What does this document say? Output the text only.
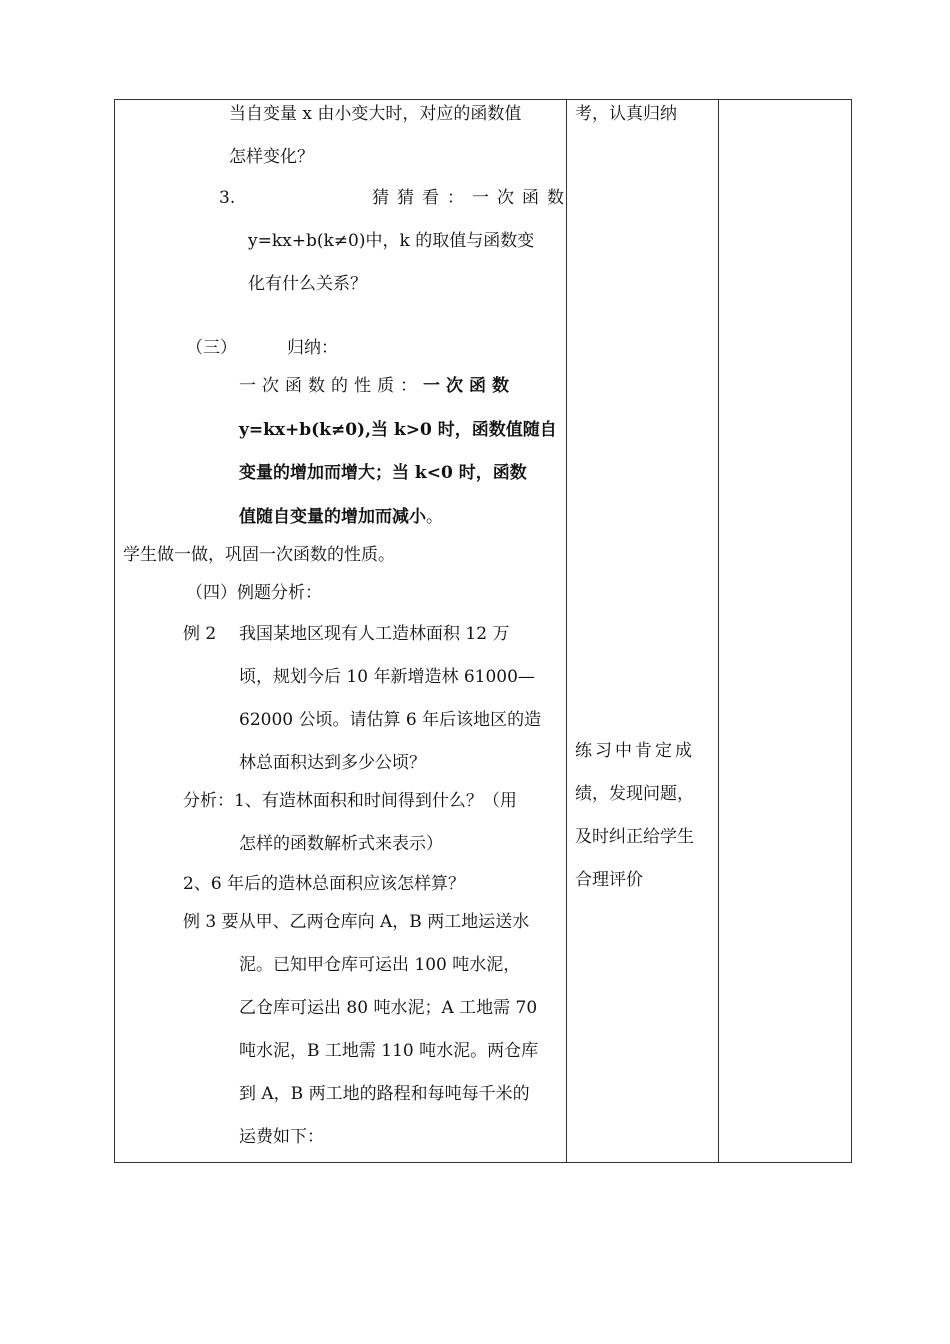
当自变量 x 由小变大时，对应的函数值
怎样变化？
3.	猜猜看：一次函数
y=kx+b(k≠0)中，k 的取值与函数变
化有什么关系？
（三）	归纳：
一次函数的性质：一次函数
y=kx+b(k≠0),当 k>0 时，函数值随自
变量的增加而增大；当 k<0 时，函数
值随自变量的增加而减小。
学生做一做，巩固一次函数的性质。
（四）例题分析：
例 2 我国某地区现有人工造林面积 12 万
顷，规划今后 10 年新增造林 61000—
62000 公顷。请估算 6 年后该地区的造
林总面积达到多少公顷？
分析：1、有造林面积和时间得到什么？（用
怎样的函数解析式来表示）
2、6 年后的造林总面积应该怎样算？
例 3 要从甲、乙两仓库向 A，B 两工地运送水
泥。已知甲仓库可运出 100 吨水泥，
乙仓库可运出 80 吨水泥；A 工地需 70
吨水泥，B 工地需 110 吨水泥。两仓库
到 A，B 两工地的路程和每吨每千米的
运费如下：
考，认真归纳
练习中肯定成
绩，发现问题，
及时纠正给学生
合理评价
